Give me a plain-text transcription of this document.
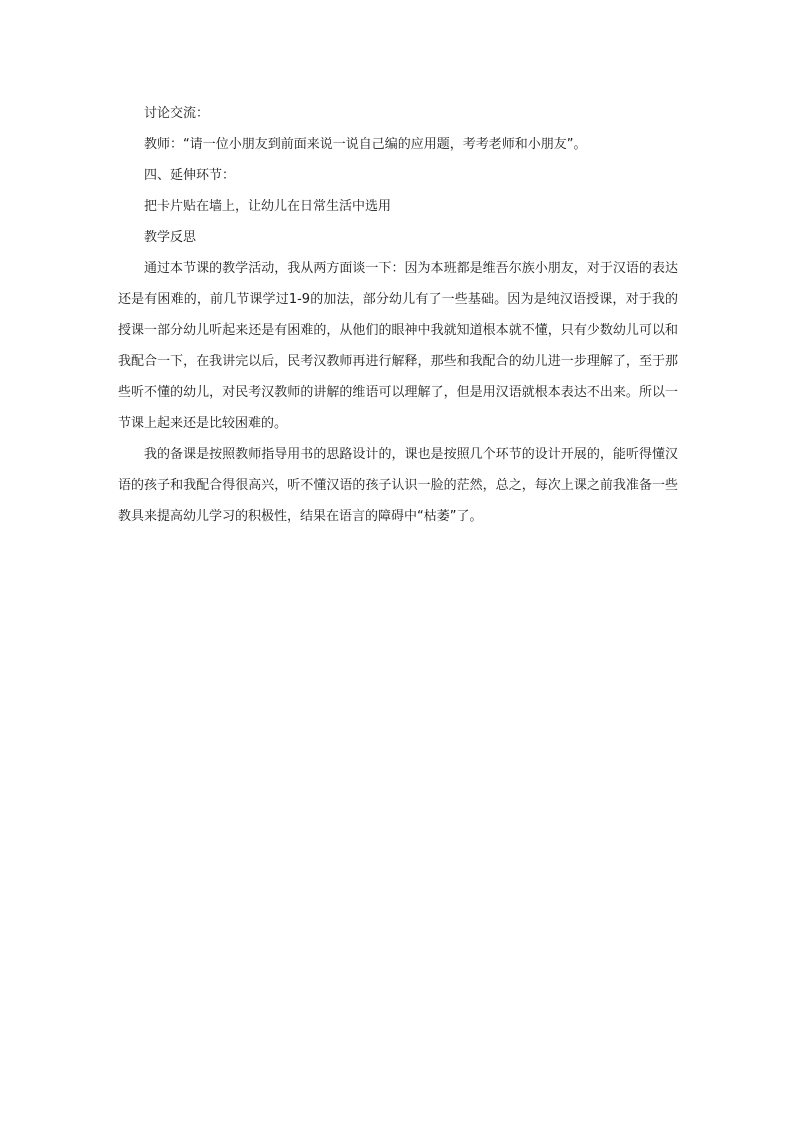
讨论交流：
教师：“请一位小朋友到前面来说一说自己编的应用题，考考老师和小朋友”。
四、延伸环节：
把卡片贴在墙上，让幼儿在日常生活中选用
教学反思

通过本节课的教学活动，我从两方面谈一下：因为本班都是维吾尔族小朋友，对于汉语的表达还是有困难的，前几节课学过1-9的加法，部分幼儿有了一些基础。因为是纯汉语授课，对于我的授课一部分幼儿听起来还是有困难的，从他们的眼神中我就知道根本就不懂，只有少数幼儿可以和我配合一下，在我讲完以后，民考汉教师再进行解释，那些和我配合的幼儿进一步理解了，至于那些听不懂的幼儿，对民考汉教师的讲解的维语可以理解了，但是用汉语就根本表达不出来。所以一节课上起来还是比较困难的。

我的备课是按照教师指导用书的思路设计的，课也是按照几个环节的设计开展的，能听得懂汉语的孩子和我配合得很高兴，听不懂汉语的孩子认识一脸的茫然，总之，每次上课之前我准备一些教具来提高幼儿学习的积极性，结果在语言的障碍中“枯萎”了。
